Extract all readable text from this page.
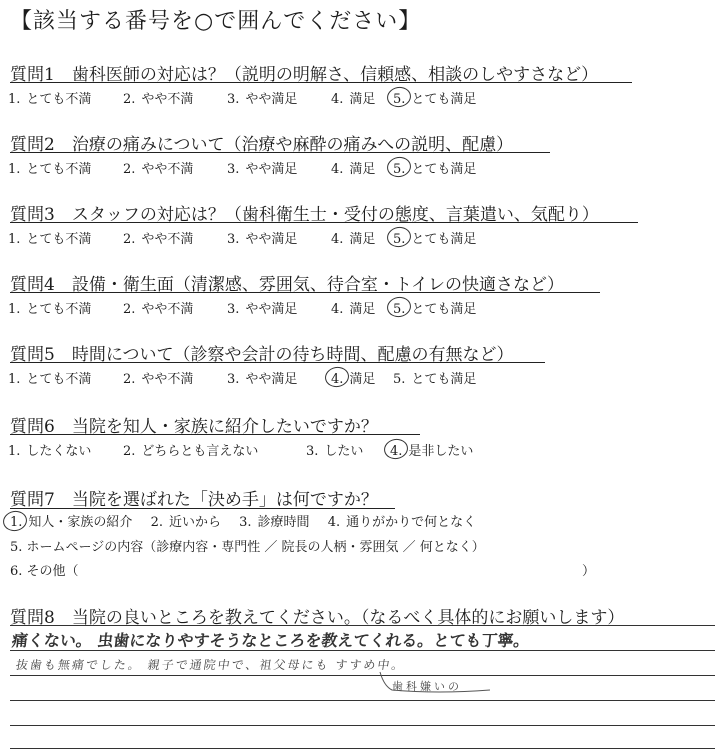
【該当する番号を○で囲んでください】
質問1　歯科医師の対応は？（説明の明解さ、信頼感、相談のしやすさなど）
1. とても不満 2. やや不満	3. やや満足	4. 満足 5. とても満足
質問2　治療の痛みについて（治療や麻酔の痛みへの説明、配慮）
1. とても不満 2. やや不満	3. やや満足	4. 満足 5. とても満足
質問3　スタッフの対応は？（歯科衛生士・受付の態度、言葉遣い、気配り）
1. とても不満 2. やや不満	3. やや満足	4. 満足 5. とても満足
質問4　設備・衛生面（清潔感、雰囲気、待合室・トイレの快適さなど）
1. とても不満 2. やや不満	3. やや満足	4. 満足 5. とても満足
質問5　時間について（診察や会計の待ち時間、配慮の有無など）
1. とても不満 2. やや不満	3. やや満足	4. 満足 5. とても満足
質問6　当院を知人・家族に紹介したいですか？
1. したくない 2. どちらとも言えない	3. したい 4. 是非したい
質問7　当院を選ばれた「決め手」は何ですか？
1. 知人・家族の紹介 2. 近いから 3. 診療時間 4. 通りがかりで何となく
5. ホームページの内容（診療内容・専門性 ／ 院長の人柄・雰囲気 ／ 何となく）
6. その他（	）
質問8　当院の良いところを教えてください。（なるべく具体的にお願いします）
痛くない。 虫歯になりやすそうなところを教えてくれる。とても丁寧。
抜歯も無痛でした。 親子で通院中で、祖父母にも すすめ中。
歯科嫌いの
